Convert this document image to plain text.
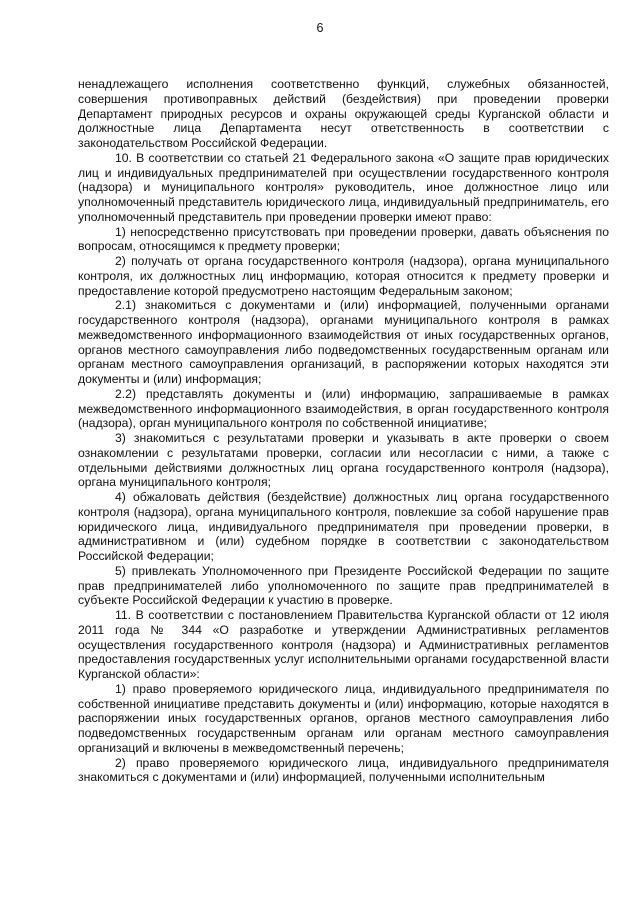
6

ненадлежащего исполнения соответственно функций, служебных обязанностей, совершения противоправных действий (бездействия) при проведении проверки Департамент природных ресурсов и охраны окружающей среды Курганской области и должностные лица Департамента несут ответственность в соответствии с законодательством Российской Федерации.

10. В соответствии со статьей 21 Федерального закона «О защите прав юридических лиц и индивидуальных предпринимателей при осуществлении государственного контроля (надзора) и муниципального контроля» руководитель, иное должностное лицо или уполномоченный представитель юридического лица, индивидуальный предприниматель, его уполномоченный представитель при проведении проверки имеют право:

1) непосредственно присутствовать при проведении проверки, давать объяснения по вопросам, относящимся к предмету проверки;

2) получать от органа государственного контроля (надзора), органа муниципального контроля, их должностных лиц информацию, которая относится к предмету проверки и предоставление которой предусмотрено настоящим Федеральным законом;

2.1) знакомиться с документами и (или) информацией, полученными органами государственного контроля (надзора), органами муниципального контроля в рамках межведомственного информационного взаимодействия от иных государственных органов, органов местного самоуправления либо подведомственных государственным органам или органам местного самоуправления организаций, в распоряжении которых находятся эти документы и (или) информация;

2.2) представлять документы и (или) информацию, запрашиваемые в рамках межведомственного информационного взаимодействия, в орган государственного контроля (надзора), орган муниципального контроля по собственной инициативе;

3) знакомиться с результатами проверки и указывать в акте проверки о своем ознакомлении с результатами проверки, согласии или несогласии с ними, а также с отдельными действиями должностных лиц органа государственного контроля (надзора), органа муниципального контроля;

4) обжаловать действия (бездействие) должностных лиц органа государственного контроля (надзора), органа муниципального контроля, повлекшие за собой нарушение прав юридического лица, индивидуального предпринимателя при проведении проверки, в административном и (или) судебном порядке в соответствии с законодательством Российской Федерации;

5) привлекать Уполномоченного при Президенте Российской Федерации по защите прав предпринимателей либо уполномоченного по защите прав предпринимателей в субъекте Российской Федерации к участию в проверке.

11. В соответствии с постановлением Правительства Курганской области от 12 июля 2011 года № 344 «О разработке и утверждении Административных регламентов осуществления государственного контроля (надзора) и Административных регламентов предоставления государственных услуг исполнительными органами государственной власти Курганской области»:

1) право проверяемого юридического лица, индивидуального предпринимателя по собственной инициативе представить документы и (или) информацию, которые находятся в распоряжении иных государственных органов, органов местного самоуправления либо подведомственных государственным органам или органам местного самоуправления организаций и включены в межведомственный перечень;

2) право проверяемого юридического лица, индивидуального предпринимателя знакомиться с документами и (или) информацией, полученными исполнительным
